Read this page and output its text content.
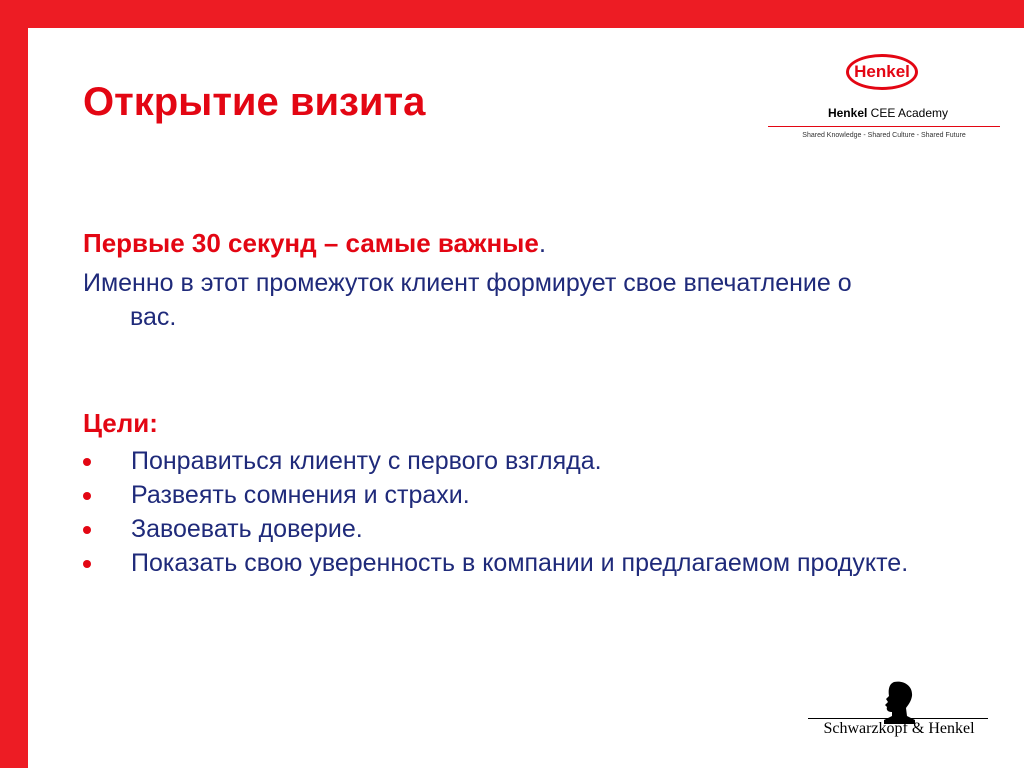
Открытие визита
Henkel
Henkel CEE Academy
Shared Knowledge - Shared Culture - Shared Future
Первые 30 секунд – самые важные.
Именно в этот промежуток клиент формирует свое впечатление о
вас.
Цели:
Понравиться клиенту с первого взгляда.
Развеять сомнения и страхи.
Завоевать доверие.
Показать свою уверенность в компании и предлагаемом продукте.
Schwarzkopf & Henkel
